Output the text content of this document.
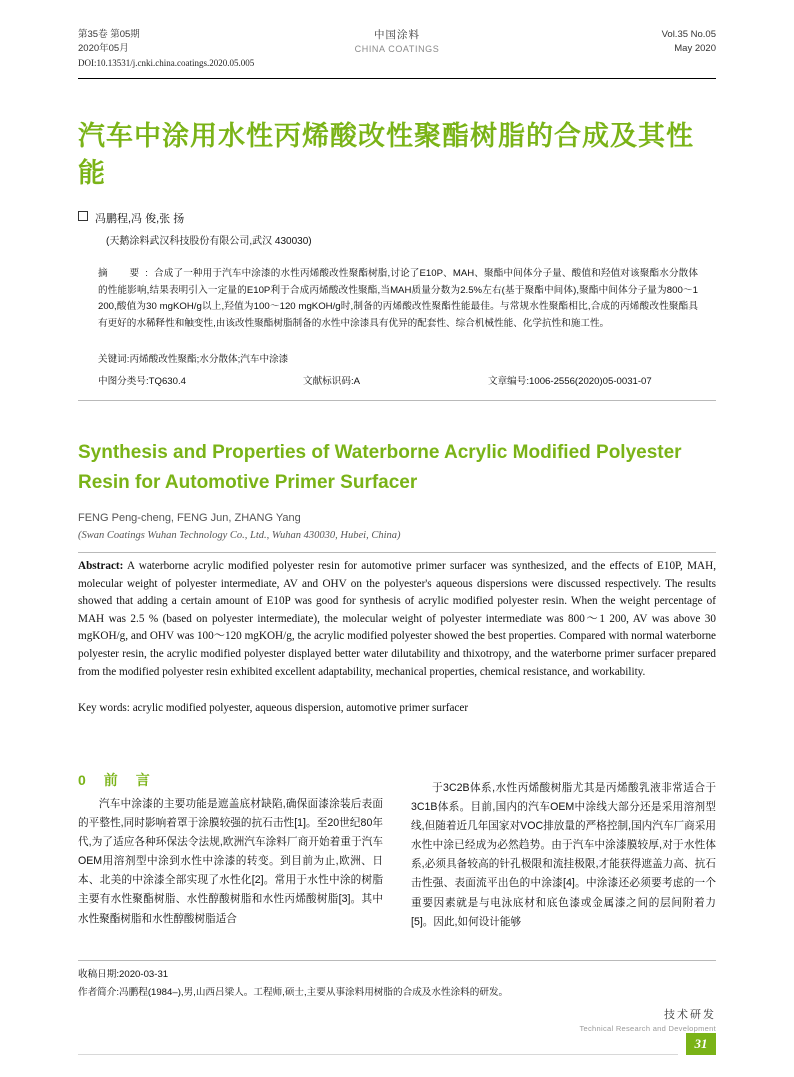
第35卷 第05期
2020年05月
中国涂料
CHINA COATINGS
Vol.35 No.05
May 2020
DOI:10.13531/j.cnki.china.coatings.2020.05.005
汽车中涂用水性丙烯酸改性聚酯树脂的合成及其性能
冯鹏程,冯 俊,张 扬
(天鹅涂料武汉科技股份有限公司,武汉 430030)
摘　要:合成了一种用于汽车中涂漆的水性丙烯酸改性聚酯树脂,讨论了E10P、MAH、聚酯中间体分子量、酸值和羟值对该聚酯水分散体的性能影响,结果表明引入一定量的E10P利于合成丙烯酸改性聚酯,当MAH质量分数为2.5%左右(基于聚酯中间体),聚酯中间体分子量为800～1 200,酸值为30 mgKOH/g以上,羟值为100～120 mgKOH/g时,制备的丙烯酸改性聚酯性能最佳。与常规水性聚酯相比,合成的丙烯酸改性聚酯具有更好的水稀释性和触变性,由该改性聚酯树脂制备的水性中涂漆具有优异的配套性、综合机械性能、化学抗性和施工性。
关键词:丙烯酸改性聚酯;水分散体;汽车中涂漆
中图分类号:TQ630.4	文献标识码:A	文章编号:1006-2556(2020)05-0031-07
Synthesis and Properties of Waterborne Acrylic Modified Polyester Resin for Automotive Primer Surfacer
FENG Peng-cheng, FENG Jun, ZHANG Yang
(Swan Coatings Wuhan Technology Co., Ltd., Wuhan 430030, Hubei, China)
Abstract: A waterborne acrylic modified polyester resin for automotive primer surfacer was synthesized, and the effects of E10P, MAH, molecular weight of polyester intermediate, AV and OHV on the polyester's aqueous dispersions were discussed respectively. The results showed that adding a certain amount of E10P was good for synthesis of acrylic modified polyester resin. When the weight percentage of MAH was 2.5 % (based on polyester intermediate), the molecular weight of polyester intermediate was 800～1 200, AV was above 30 mgKOH/g, and OHV was 100～120 mgKOH/g, the acrylic modified polyester showed the best properties. Compared with normal waterborne polyester resin, the acrylic modified polyester displayed better water dilutability and thixotropy, and the waterborne primer surfacer prepared from the modified polyester resin exhibited excellent adaptability, mechanical properties, chemical resistance, and workability.
Key words: acrylic modified polyester, aqueous dispersion, automotive primer surfacer
0　前　言

汽车中涂漆的主要功能是遮盖底材缺陷,确保面漆涂装后表面的平整性,同时影响着罩于涂膜较强的抗石击性[1]。至20世纪80年代,为了适应各种环保法令法规,欧洲汽车涂料厂商开始着重于汽车OEM用溶剂型中涂到水性中涂漆的转变。到目前为止,欧洲、日本、北美的中涂漆全部实现了水性化[2]。常用于水性中涂的树脂主要有水性聚酯树脂、水性醇酸树脂和水性丙烯酸树脂[3]。其中水性聚酯树脂和水性醇酸树脂适合

于3C2B体系,水性丙烯酸树脂尤其是丙烯酸乳液非常适合于3C1B体系。目前,国内的汽车OEM中涂线大部分还是采用溶剂型线,但随着近几年国家对VOC排放量的严格控制,国内汽车厂商采用水性中涂已经成为必然趋势。由于汽车中涂漆膜较厚,对于水性体系,必须具备较高的针孔极限和流挂极限,才能获得遮盖力高、抗石击性强、表面流平出色的中涂漆[4]。中涂漆还必须要考虑的一个重要因素就是与电泳底材和底色漆或金属漆之间的层间附着力[5]。因此,如何设计能够

收稿日期:2020-03-31
作者简介:冯鹏程(1984–),男,山西吕梁人。工程师,硕士,主要从事涂料用树脂的合成及水性涂料的研发。
技术研发
Technical Research and Development
31
